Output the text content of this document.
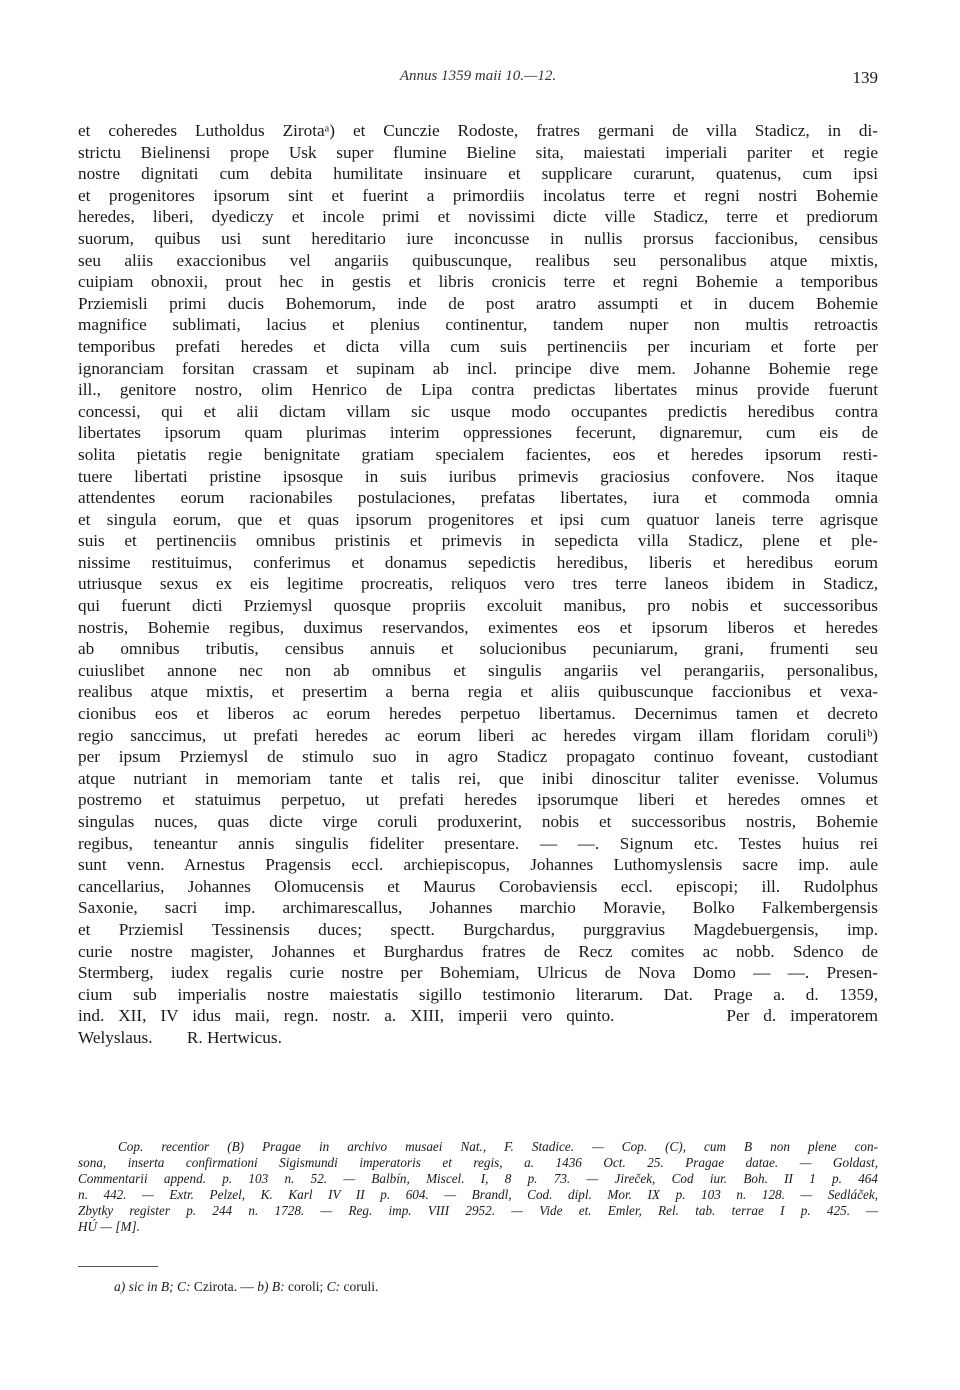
Annus 1359 maii 10.—12.	139
et coheredes Lutholdus Zirotaᵃ) et Cunczie Rodoste, fratres germani de villa Stadicz, in di-
strictu Bielinensi prope Usk super flumine Bieline sita, maiestati imperiali pariter et regie
nostre dignitati cum debita humilitate insinuare et supplicare curarunt, quatenus, cum ipsi
et progenitores ipsorum sint et fuerint a primordiis incolatus terre et regni nostri Bohemie
heredes, liberi, dyediczy et incole primi et novissimi dicte ville Stadicz, terre et prediorum
suorum, quibus usi sunt hereditario iure inconcusse in nullis prorsus faccionibus, censibus
seu aliis exaccionibus vel angariis quibuscunque, realibus seu personalibus atque mixtis,
cuipiam obnoxii, prout hec in gestis et libris cronicis terre et regni Bohemie a temporibus
Prziemisli primi ducis Bohemorum, inde de post aratro assumpti et in ducem Bohemie
magnifice sublimati, lacius et plenius continentur, tandem nuper non multis retroactis
temporibus prefati heredes et dicta villa cum suis pertinenciis per incuriam et forte per
ignoranciam forsitan crassam et supinam ab incl. principe dive mem. Johanne Bohemie rege
ill., genitore nostro, olim Henrico de Lipa contra predictas libertates minus provide fuerunt
concessi, qui et alii dictam villam sic usque modo occupantes predictis heredibus contra
libertates ipsorum quam plurimas interim oppressiones fecerunt, dignaremur, cum eis de
solita pietatis regie benignitate gratiam specialem facientes, eos et heredes ipsorum resti-
tuere libertati pristine ipsosque in suis iuribus primevis graciosius confovere. Nos itaque
attendentes eorum racionabiles postulaciones, prefatas libertates, iura et commoda omnia
et singula eorum, que et quas ipsorum progenitores et ipsi cum quatuor laneis terre agrisque
suis et pertinenciis omnibus pristinis et primevis in sepedicta villa Stadicz, plene et ple-
nissime restituimus, conferimus et donamus sepedictis heredibus, liberis et heredibus eorum
utriusque sexus ex eis legitime procreatis, reliquos vero tres terre laneos ibidem in Stadicz,
qui fuerunt dicti Prziemysl quosque propriis excoluit manibus, pro nobis et successoribus
nostris, Bohemie regibus, duximus reservandos, eximentes eos et ipsorum liberos et heredes
ab omnibus tributis, censibus annuis et solucionibus pecuniarum, grani, frumenti seu
cuiuslibet annone nec non ab omnibus et singulis angariis vel perangariis, personalibus,
realibus atque mixtis, et presertim a berna regia et aliis quibuscunque faccionibus et vexa-
cionibus eos et liberos ac eorum heredes perpetuo libertamus. Decernimus tamen et decreto
regio sanccimus, ut prefati heredes ac eorum liberi ac heredes virgam illam floridam coruliᵇ)
per ipsum Prziemysl de stimulo suo in agro Stadicz propagato continuo foveant, custodiant
atque nutriant in memoriam tante et talis rei, que inibi dinoscitur taliter evenisse. Volumus
postremo et statuimus perpetuo, ut prefati heredes ipsorumque liberi et heredes omnes et
singulas nuces, quas dicte virge coruli produxerint, nobis et successoribus nostris, Bohemie
regibus, teneantur annis singulis fideliter presentare. — —. Signum etc. Testes huius rei
sunt venn. Arnestus Pragensis eccl. archiepiscopus, Johannes Luthomyslensis sacre imp. aule
cancellarius, Johannes Olomucensis et Maurus Corobaviensis eccl. episcopi; ill. Rudolphus
Saxonie, sacri imp. archimarescallus, Johannes marchio Moravie, Bolko Falkembergensis
et Prziemisl Tessinensis duces; spectt. Burgchardus, purggravius Magdebuergensis, imp.
curie nostre magister, Johannes et Burghardus fratres de Recz comites ac nobb. Sdenco de
Stermberg, iudex regalis curie nostre per Bohemiam, Ulricus de Nova Domo — —. Presen-
cium sub imperialis nostre maiestatis sigillo testimonio literarum. Dat. Prage a. d. 1359,
ind. XII, IV idus maii, regn. nostr. a. XIII, imperii vero quinto.        Per d. imperatorem
Welyslaus.        R. Hertwicus.
Cop. recentior (B) Pragae in archivo musaei Nat., F. Stadice. — Cop. (C), cum B non plene con-
sona, inserta confirmationi Sigismundi imperatoris et regis, a. 1436 Oct. 25. Pragae datae. — Goldast,
Commentarii append. p. 103 n. 52. — Balbín, Miscel. I, 8 p. 73. — Jireček, Cod iur. Boh. II 1 p. 464
n. 442. — Extr. Pelzel, K. Karl IV II p. 604. — Brandl, Cod. dipl. Mor. IX p. 103 n. 128. — Sedláček,
Zbytky register p. 244 n. 1728. — Reg. imp. VIII 2952. — Vide et. Emler, Rel. tab. terrae I p. 425. —
HÚ — [M].
a) sic in B; C: Czirota. — b) B: coroli; C: coruli.
